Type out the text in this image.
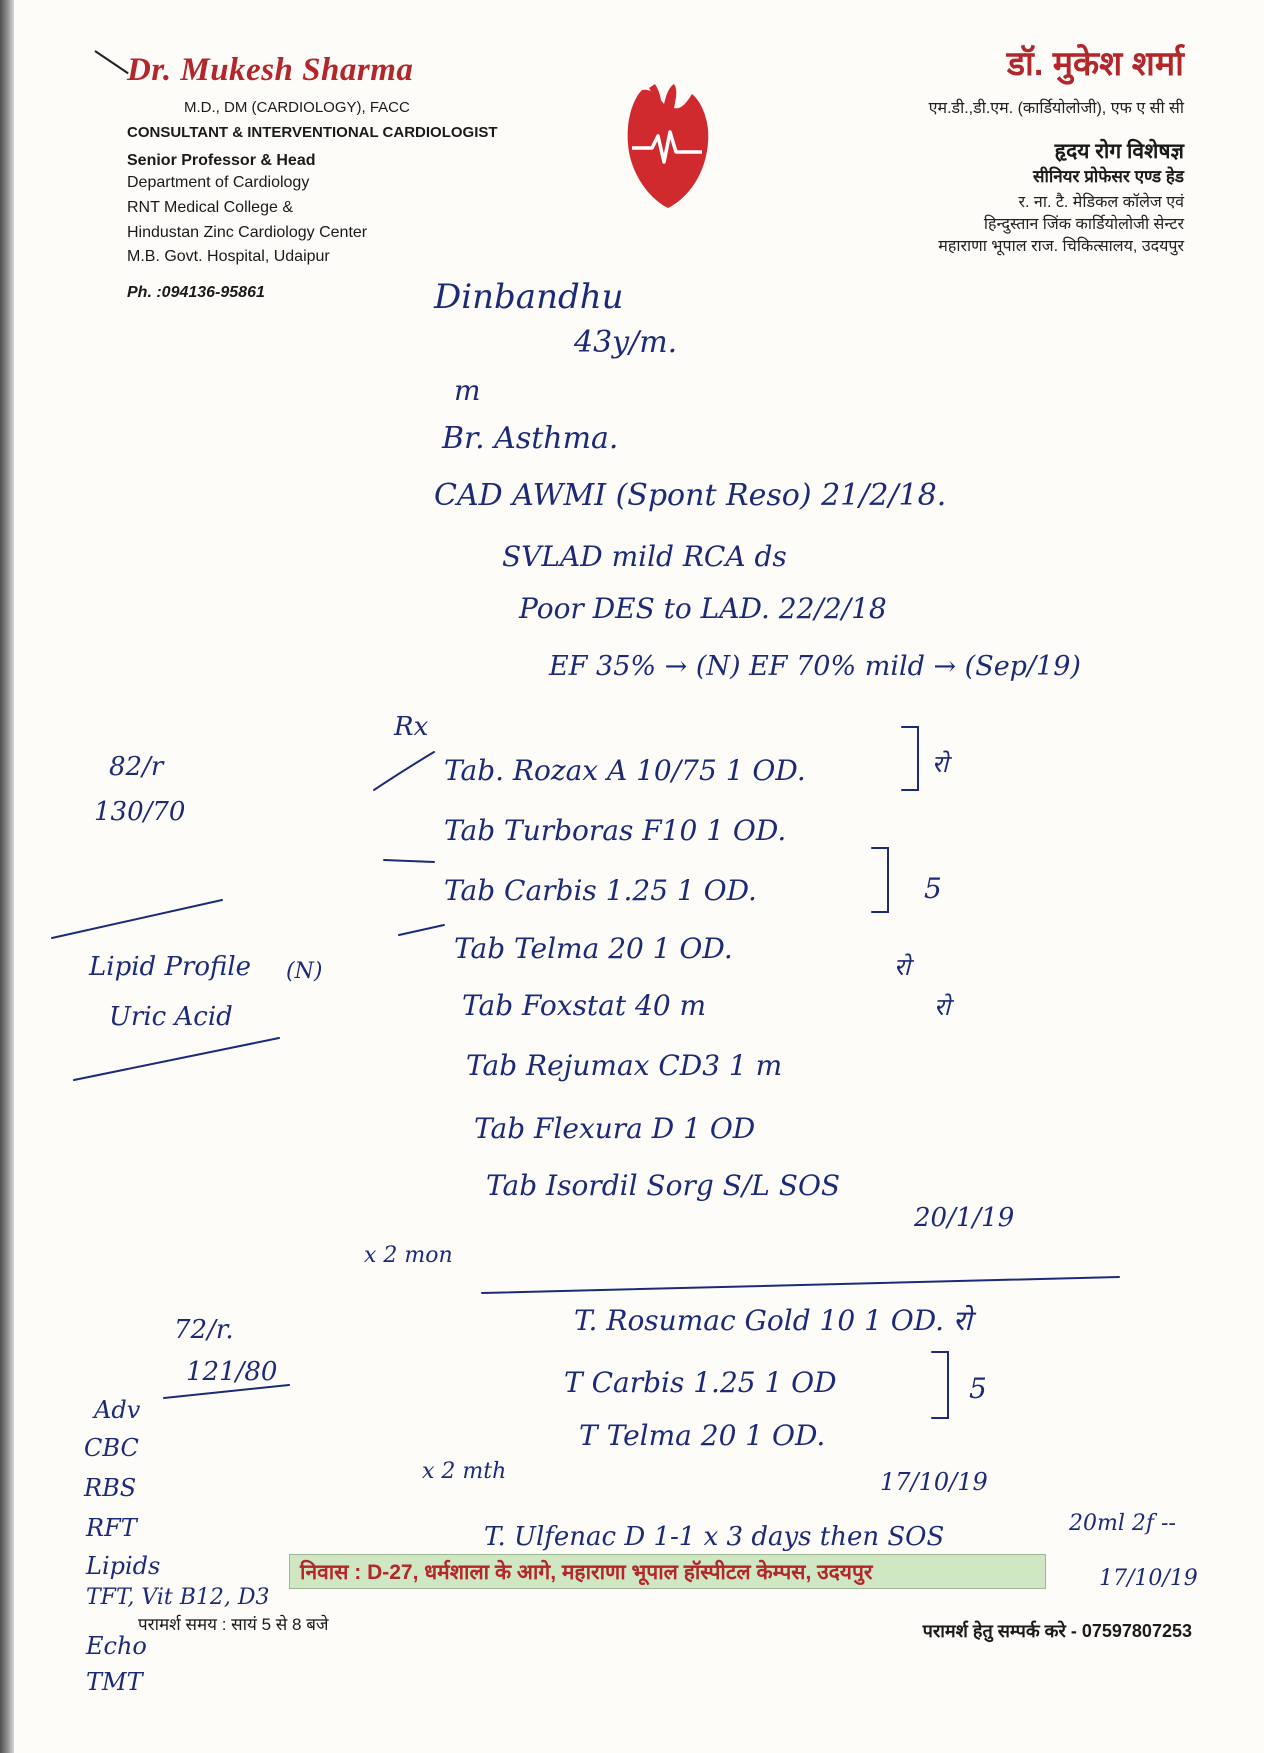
Dr. Mukesh Sharma
M.D., DM (CARDIOLOGY), FACC
CONSULTANT & INTERVENTIONAL CARDIOLOGIST
Senior Professor & Head
Department of Cardiology
RNT Medical College &
Hindustan Zinc Cardiology Center
M.B. Govt. Hospital, Udaipur
Ph. :094136-95861
डॉ. मुकेश शर्मा
एम.डी.,डी.एम. (कार्डियोलोजी), एफ ए सी सी
हृदय रोग विशेषज्ञ
सीनियर प्रोफेसर एण्ड हेड
र. ना. टै. मेडिकल कॉलेज एवं
हिन्दुस्तान जिंक कार्डियोलोजी सेन्टर
महाराणा भूपाल राज. चिकित्सालय, उदयपुर
Dinbandhu
43y/m.
m
Br. Asthma.
CAD AWMI (Spont Reso) 21/2/18.
SVLAD mild RCA ds
Poor DES to LAD. 22/2/18
EF 35% → (N) EF 70% mild → (Sep/19)
Rx
Tab. Rozax A 10/75 1 OD.
Tab Turboras F10 1 OD.
Tab Carbis 1.25 1 OD.
Tab Telma 20 1 OD.
Tab Foxstat 40 m
Tab Rejumax CD3 1 m
Tab Flexura D 1 OD
Tab Isordil Sorg S/L SOS
रो
5
रो
रो
20/1/19
82/r
130/70
Lipid Profile
Uric Acid
(N)
x 2 mon
72/r.
121/80
T. Rosumac Gold 10 1 OD. रो
T Carbis 1.25 1 OD
T Telma 20 1 OD.
5
x 2 mth	17/10/19
T. Ulfenac D 1-1 x 3 days then SOS	20ml 2f --
17/10/19
Adv
CBC
RBS
RFT
Lipids
TFT, Vit B12, D3
Echo
TMT
निवास : D-27, धर्मशाला के आगे, महाराणा भूपाल हॉस्पीटल केम्पस, उदयपुर
परामर्श समय : सायं 5 से 8 बजे	परामर्श हेतु सम्पर्क करे - 07597807253
